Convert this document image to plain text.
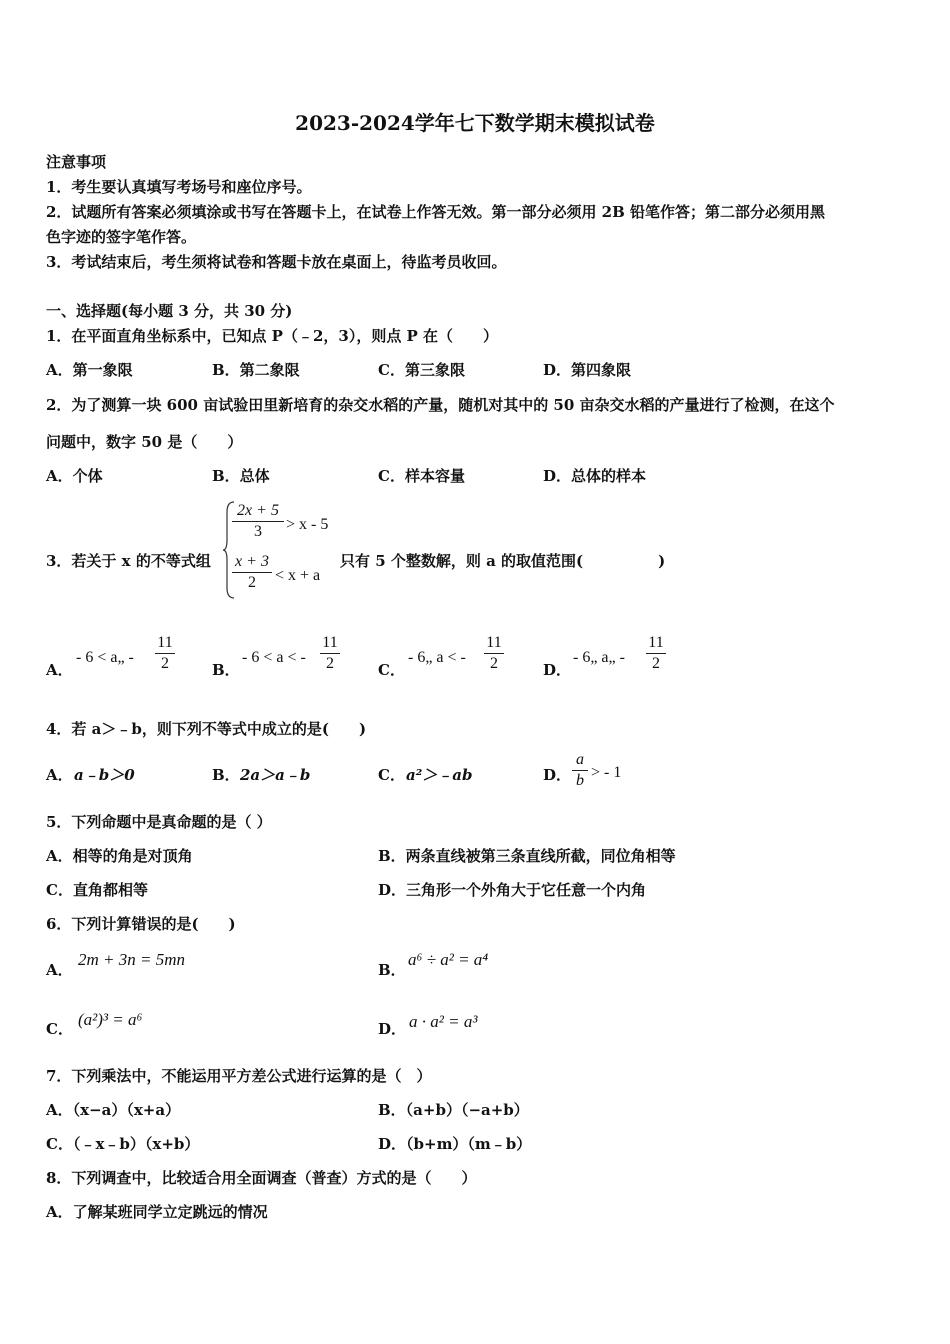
2023-2024学年七下数学期末模拟试卷
注意事项
1．考生要认真填写考场号和座位序号。
2．试题所有答案必须填涂或书写在答题卡上，在试卷上作答无效。第一部分必须用 2B 铅笔作答；第二部分必须用黑
色字迹的签字笔作答。
3．考试结束后，考生须将试卷和答题卡放在桌面上，待监考员收回。
一、选择题(每小题 3 分，共 30 分)
1．在平面直角坐标系中，已知点 P（﹣2，3），则点 P 在（　　）
A．第一象限	B．第二象限	C．第三象限	D．第四象限
2．为了测算一块 600 亩试验田里新培育的杂交水稻的产量，随机对其中的 50 亩杂交水稻的产量进行了检测，在这个
问题中，数字 50 是（　　）
A．个体	B．总体	C．样本容量	D．总体的样本
3．若关于 x 的不等式组
2x + 5
3	> x - 5
x + 3
2	< x + a
只有 5 个整数解，则 a 的取值范围(　　　　　)
A．
- 6 < a„ -
11
2	B．
- 6 < a < -
11
2	C．
- 6„ a < -
11
2	D．
- 6„ a„ -
11
2
4．若 a＞﹣b，则下列不等式中成立的是(　　)
A． a﹣b＞0	B． 2a＞a﹣b	C． a²＞﹣ab	D．
a
b > - 1
5．下列命题中是真命题的是（ ）
A．相等的角是对顶角	B．两条直线被第三条直线所截，同位角相等
C．直角都相等	D．三角形一个外角大于它任意一个内角
6．下列计算错误的是(　　)
A．
2m + 3n = 5mn
B．
a⁶ ÷ a² = a⁴
C． (a²)³ = a⁶	D． a · a² = a³
7．下列乘法中，不能运用平方差公式进行运算的是（　）
A．（x−a）（x+a）	B．（a+b）（−a+b）
C．（﹣x﹣b）（x+b）	D．（b+m）（m﹣b）
8．下列调查中，比较适合用全面调查（普查）方式的是（　　）
A．了解某班同学立定跳远的情况
